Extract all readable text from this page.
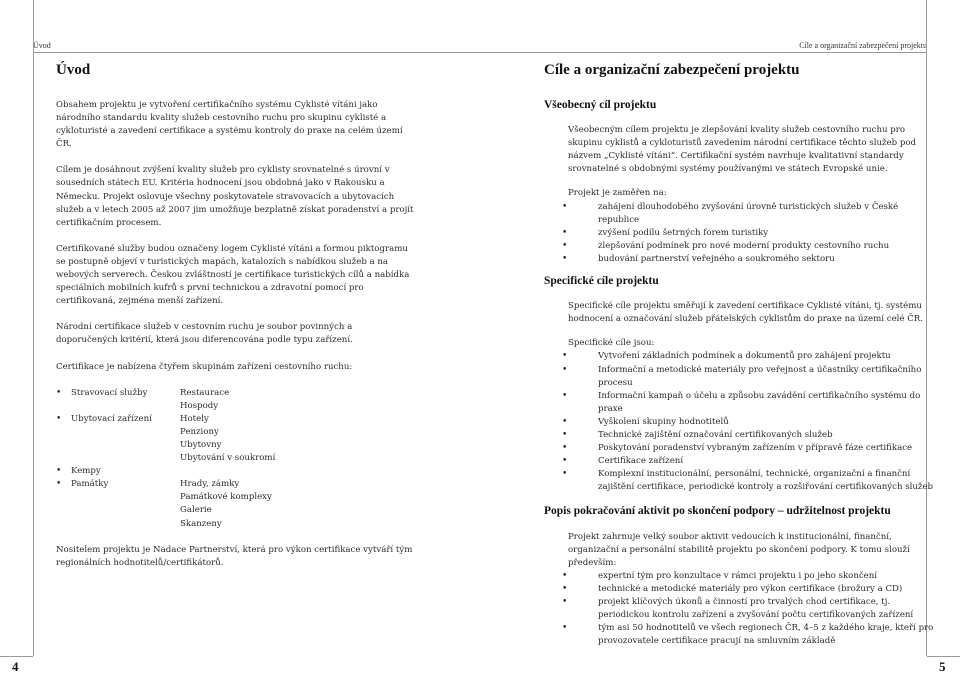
Úvod
4
Úvod

Obsahem projektu je vytvoření certifikačního systému Cyklisté vítáni jako národního standardu kvality služeb cestovního ruchu pro skupinu cyklisté a cykloturisté a zavedení certifikace a systému kontroly do praxe na celém území ČR.

Cílem je dosáhnout zvýšení kvality služeb pro cyklisty srovnatelné s úrovní v sousedních státech EU. Kritéria hodnocení jsou obdobná jako v Rakousku a Německu. Projekt oslovuje všechny poskytovatele stravovacích a ubytovacích služeb a v letech 2005 až 2007 jim umožňuje bezplatně získat poradenství a projít certifikačním procesem.

Certifikované služby budou označeny logem Cyklisté vítáni a formou piktogramu se postupně objeví v turistických mapách, katalozích s nabídkou služeb a na webových serverech. Českou zvláštností je certifikace turistických cílů a nabídka speciálních mobilních kufrů s první technickou a zdravotní pomocí pro certifikovaná, zejména menší zařízení.

Národní certifikace služeb v cestovním ruchu je soubor povinných a doporučených kritérií, která jsou diferencována podle typu zařízení.

Certifikace je nabízena čtyřem skupinám zařízení cestovního ruchu:

• Stravovací služby	Restaurace
Hospody
• Ubytovací zařízení	Hotely
Penziony
Ubytovny
Ubytování v soukromí
• Kempy
• Památky	Hrady, zámky
Památkové komplexy
Galerie
Skanzeny

Nositelem projektu je Nadace Partnerství, která pro výkon certifikace vytváří tým regionálních hodnotitelů/certifikátorů.

Cíle a organizační zabezpečení projektu
5
Cíle a organizační zabezpečení projektu
Všeobecný cíl projektu

Všeobecným cílem projektu je zlepšování kvality služeb cestovního ruchu pro skupinu cyklistů a cykloturistů zavedením národní certifikace těchto služeb pod názvem „Cyklisté vítáni“. Certifikační systém navrhuje kvalitativní standardy srovnatelné s obdobnými systémy používanými ve státech Evropské unie.

Projekt je zaměřen na:

• zahájení dlouhodobého zvyšování úrovně turistických služeb v České republice
• zvýšení podílu šetrných forem turistiky
• zlepšování podmínek pro nové moderní produkty cestovního ruchu
• budování partnerství veřejného a soukromého sektoru
Specifické cíle projektu

Specifické cíle projektu směřují k zavedení certifikace Cyklisté vítáni, tj. systému hodnocení a označování služeb přátelských cyklistům do praxe na území celé ČR.

Specifické cíle jsou:

• Vytvoření základních podmínek a dokumentů pro zahájení projektu
• Informační a metodické materiály pro veřejnost a účastníky certifikačního procesu
• Informační kampaň o účelu a způsobu zavádění certifikačního systému do praxe
• Vyškolení skupiny hodnotitelů
• Technické zajištění označování certifikovaných služeb
• Poskytování poradenství vybraným zařízením v přípravě fáze certifikace
• Certifikace zařízení
• Komplexní institucionální, personální, technické, organizační a finanční zajištění certifikace, periodické kontroly a rozšiřování certifikovaných služeb
Popis pokračování aktivit po skončení podpory – udržitelnost projektu

Projekt zahrnuje velký soubor aktivit vedoucích k institucionální, finanční, organizační a personální stabilitě projektu po skončení podpory. K tomu slouží především:

• expertní tým pro konzultace v rámci projektu i po jeho skončení
• technické a metodické materiály pro výkon certifikace (brožury a CD)
• projekt klíčových úkonů a činností pro trvalých chod certifikace, tj. periodickou kontrolu zařízení a zvyšování počtu certifikovaných zařízení
• tým asi 50 hodnotitelů ve všech regionech ČR, 4–5 z každého kraje, kteří pro provozovatele certifikace pracují na smluvním základě
